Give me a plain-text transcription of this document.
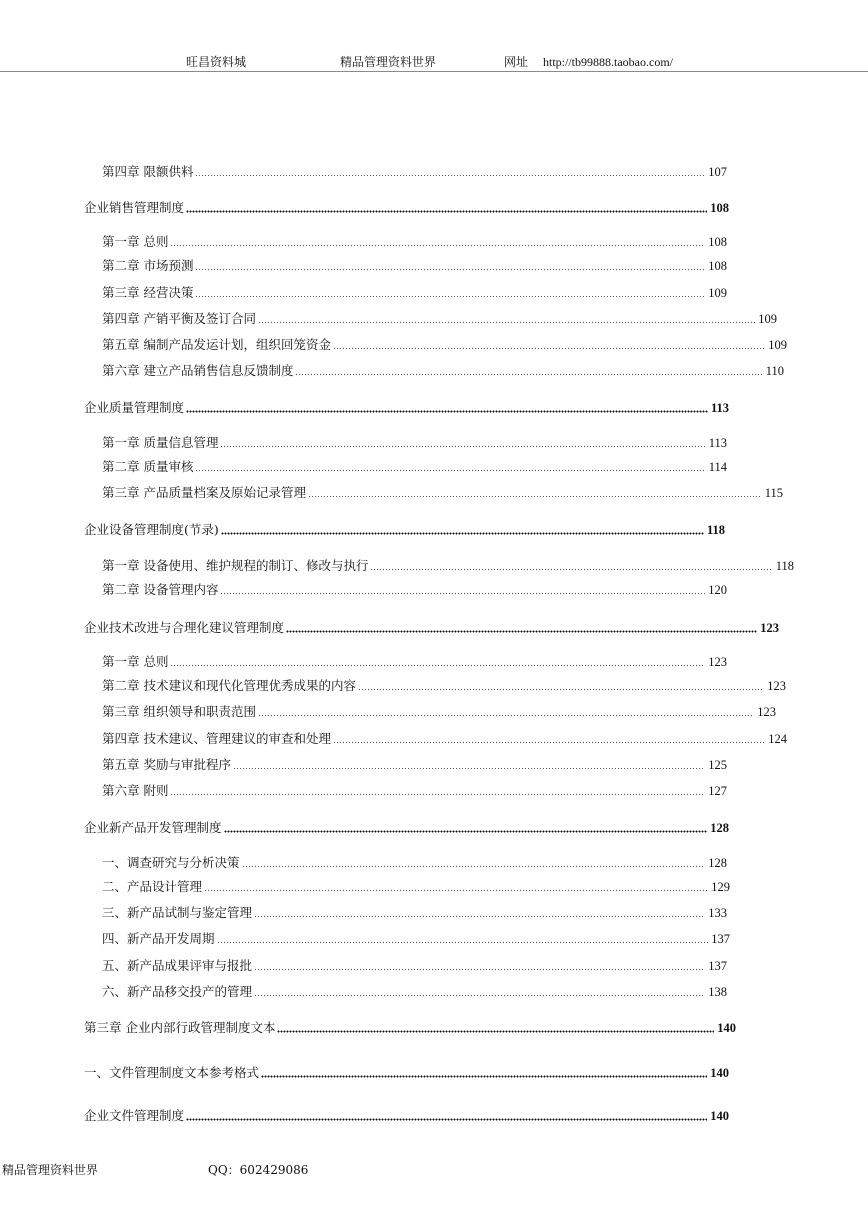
旺昌资料城	精品管理资料世界	网址 http://tb99888.taobao.com/
第四章 限额供料	107
企业销售管理制度	108
第一章 总则	108
第二章 市场预测	108
第三章 经营决策	109
第四章 产销平衡及签订合同	109
第五章 编制产品发运计划，组织回笼资金	109
第六章 建立产品销售信息反馈制度	110
企业质量管理制度	113
第一章 质量信息管理	113
第二章 质量审核	114
第三章 产品质量档案及原始记录管理	115
企业设备管理制度(节录)	118
第一章 设备使用、维护规程的制订、修改与执行	118
第二章 设备管理内容	120
企业技术改进与合理化建议管理制度	123
第一章 总则	123
第二章 技术建议和现代化管理优秀成果的内容	123
第三章 组织领导和职责范围	123
第四章 技术建议、管理建议的审查和处理	124
第五章 奖励与审批程序	125
第六章 附则	127
企业新产品开发管理制度	128
一、调查研究与分析决策	128
二、产品设计管理	129
三、新产品试制与鉴定管理	133
四、新产品开发周期	137
五、新产品成果评审与报批	137
六、新产品移交投产的管理	138
第三章 企业内部行政管理制度文本	140
一、文件管理制度文本参考格式	140
企业文件管理制度	140
精品管理资料世界	QQ：602429086
